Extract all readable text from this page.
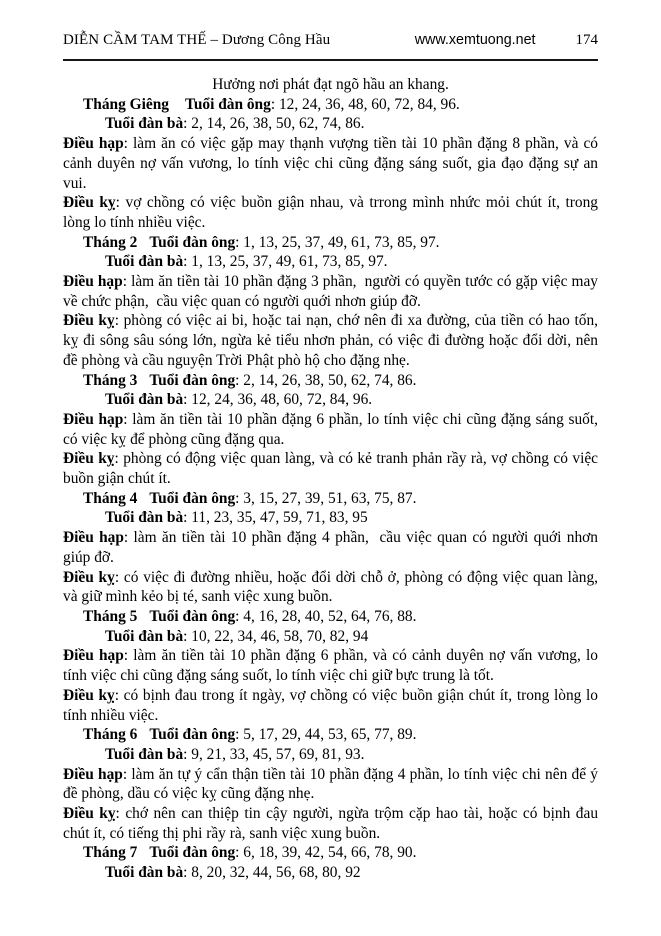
DIỄN CẦM TAM THẾ – Dương Công Hầu	www.xemtuong.net	174

Hưởng nơi phát đạt ngõ hầu an khang.

Tháng Giêng Tuổi đàn ông: 12, 24, 36, 48, 60, 72, 84, 96.
Tuổi đàn bà: 2, 14, 26, 38, 50, 62, 74, 86.

Điều hạp: làm ăn có việc gặp may thạnh vượng tiền tài 10 phần đặng 8 phần, và có cảnh duyên nợ vấn vương, lo tính việc chi cũng đặng sáng suốt, gia đạo đặng sự an vui.

Điều kỵ: vợ chồng có việc buồn giận nhau, và trrong mình nhức mỏi chút ít, trong lòng lo tính nhiều việc.

Tháng 2 Tuổi đàn ông: 1, 13, 25, 37, 49, 61, 73, 85, 97.
Tuổi đàn bà: 1, 13, 25, 37, 49, 61, 73, 85, 97.

Điều hạp: làm ăn tiền tài 10 phần đặng 3 phần,  người có quyền tước có gặp việc may về chức phận,  cầu việc quan có người quới nhơn giúp đỡ.

Điều kỵ: phòng có việc ai bi, hoặc tai nạn, chớ nên đi xa đường, của tiền có hao tốn, kỵ đi sông sâu sóng lớn, ngừa kẻ tiểu nhơn phản, có việc đi đường hoặc đổi dời, nên đề phòng và cầu nguyện Trời Phật phò hộ cho đặng nhẹ.

Tháng 3 Tuổi đàn ông: 2, 14, 26, 38, 50, 62, 74, 86.
Tuổi đàn bà: 12, 24, 36, 48, 60, 72, 84, 96.

Điều hạp: làm ăn tiền tài 10 phần đặng 6 phần, lo tính việc chi cũng đặng sáng suốt, có việc kỵ để phòng cũng đặng qua.

Điều kỵ: phòng có động việc quan làng, và có kẻ tranh phản rầy rà, vợ chồng có việc buồn giận chút ít.

Tháng 4 Tuổi đàn ông: 3, 15, 27, 39, 51, 63, 75, 87.
Tuổi đàn bà: 11, 23, 35, 47, 59, 71, 83, 95

Điều hạp: làm ăn tiền tài 10 phần đặng 4 phần,  cầu việc quan có người quới nhơn giúp đỡ.

Điều kỵ: có việc đi đường nhiều, hoặc đổi dời chỗ ở, phòng có động việc quan làng, và giữ mình kẻo bị té, sanh việc xung buồn.

Tháng 5 Tuổi đàn ông: 4, 16, 28, 40, 52, 64, 76, 88.
Tuổi đàn bà: 10, 22, 34, 46, 58, 70, 82, 94

Điều hạp: làm ăn tiền tài 10 phần đặng 6 phần, và có cảnh duyên nợ vấn vương, lo tính việc chi cũng đặng sáng suốt, lo tính việc chi giữ bực trung là tốt.

Điều kỵ: có bịnh đau trong ít ngày, vợ chồng có việc buồn giận chút ít, trong lòng lo tính nhiều việc.

Tháng 6 Tuổi đàn ông: 5, 17, 29, 44, 53, 65, 77, 89.
Tuổi đàn bà: 9, 21, 33, 45, 57, 69, 81, 93.

Điều hạp: làm ăn tự ý cẩn thận tiền tài 10 phần đặng 4 phần, lo tính việc chi nên để ý đề phòng, dầu có việc kỵ cũng đặng nhẹ.

Điều kỵ: chớ nên can thiệp tin cậy người, ngừa trộm cặp hao tài, hoặc có bịnh đau chút ít, có tiếng thị phi rầy rà, sanh việc xung buồn.

Tháng 7 Tuổi đàn ông: 6, 18, 39, 42, 54, 66, 78, 90.
Tuổi đàn bà: 8, 20, 32, 44, 56, 68, 80, 92
